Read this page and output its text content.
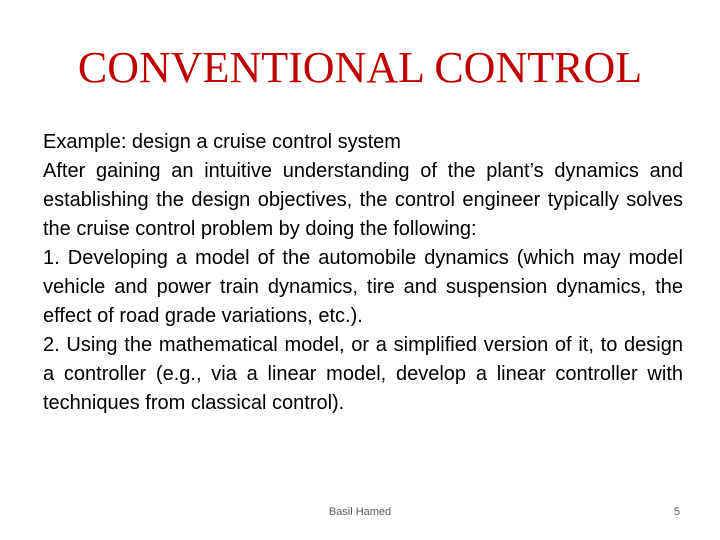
CONVENTIONAL CONTROL

Example: design a cruise control system

After gaining an intuitive understanding of the plant’s dynamics and establishing the design objectives, the control engineer typically solves the cruise control problem by doing the following:

1. Developing a model of the automobile dynamics (which may model vehicle and power train dynamics, tire and suspension dynamics, the effect of road grade variations, etc.).

2. Using the mathematical model, or a simplified version of it, to design a controller (e.g., via a linear model, develop a linear controller with techniques from classical control).

Basil Hamed	5
